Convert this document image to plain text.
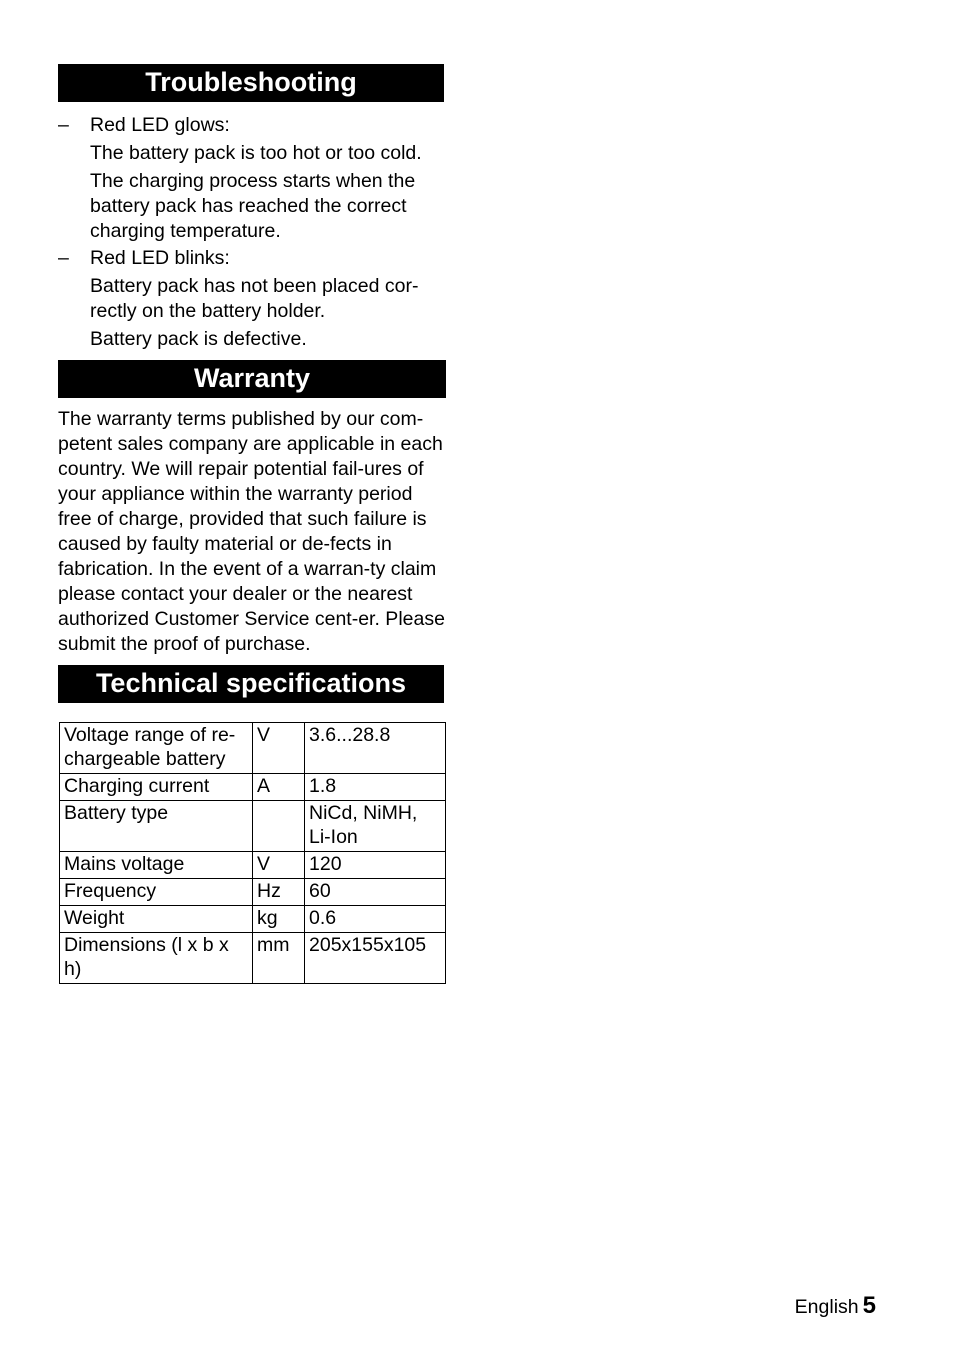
Troubleshooting
– Red LED glows:
The battery pack is too hot or too cold.
The charging process starts when the battery pack has reached the correct charging temperature.
– Red LED blinks:
Battery pack has not been placed cor-rectly on the battery holder.
Battery pack is defective.
Warranty

The warranty terms published by our com-petent sales company are applicable in each country. We will repair potential fail-ures of your appliance within the warranty period free of charge, provided that such failure is caused by faulty material or de-fects in fabrication. In the event of a warran-ty claim please contact your dealer or the nearest authorized Customer Service cent-er. Please submit the proof of purchase.

Technical specifications
Voltage range of re-chargeable battery	V	3.6...28.8
Charging current	A	1.8
Battery type		NiCd, NiMH, Li-Ion
Mains voltage	V	120
Frequency	Hz	60
Weight	kg	0.6
Dimensions (l x b x h)	mm	205x155x105
English 5
